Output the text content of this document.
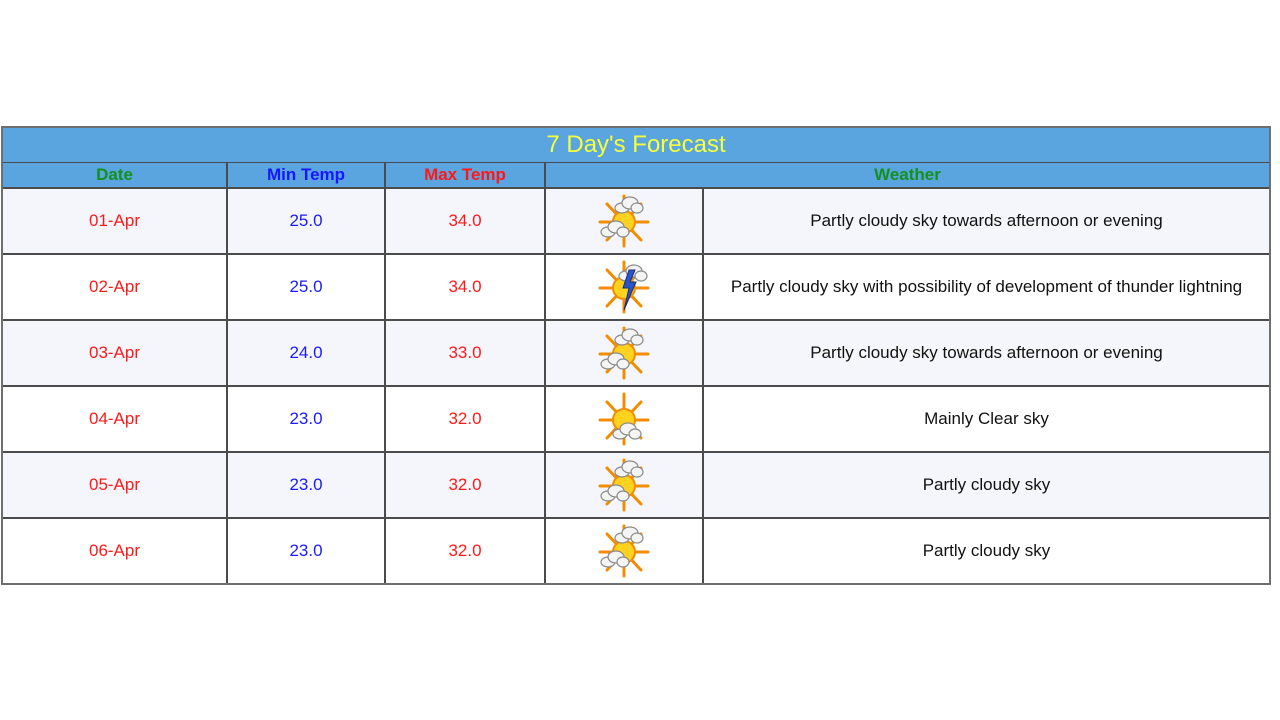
7 Day's Forecast				
Date	Min Temp	Max Temp	Weather	
01-Apr	25.0	34.0		Partly cloudy sky towards afternoon or evening
02-Apr	25.0	34.0		Partly cloudy sky with possibility of development of thunder lightning
03-Apr	24.0	33.0		Partly cloudy sky towards afternoon or evening
04-Apr	23.0	32.0		Mainly Clear sky
05-Apr	23.0	32.0		Partly cloudy sky
06-Apr	23.0	32.0		Partly cloudy sky
